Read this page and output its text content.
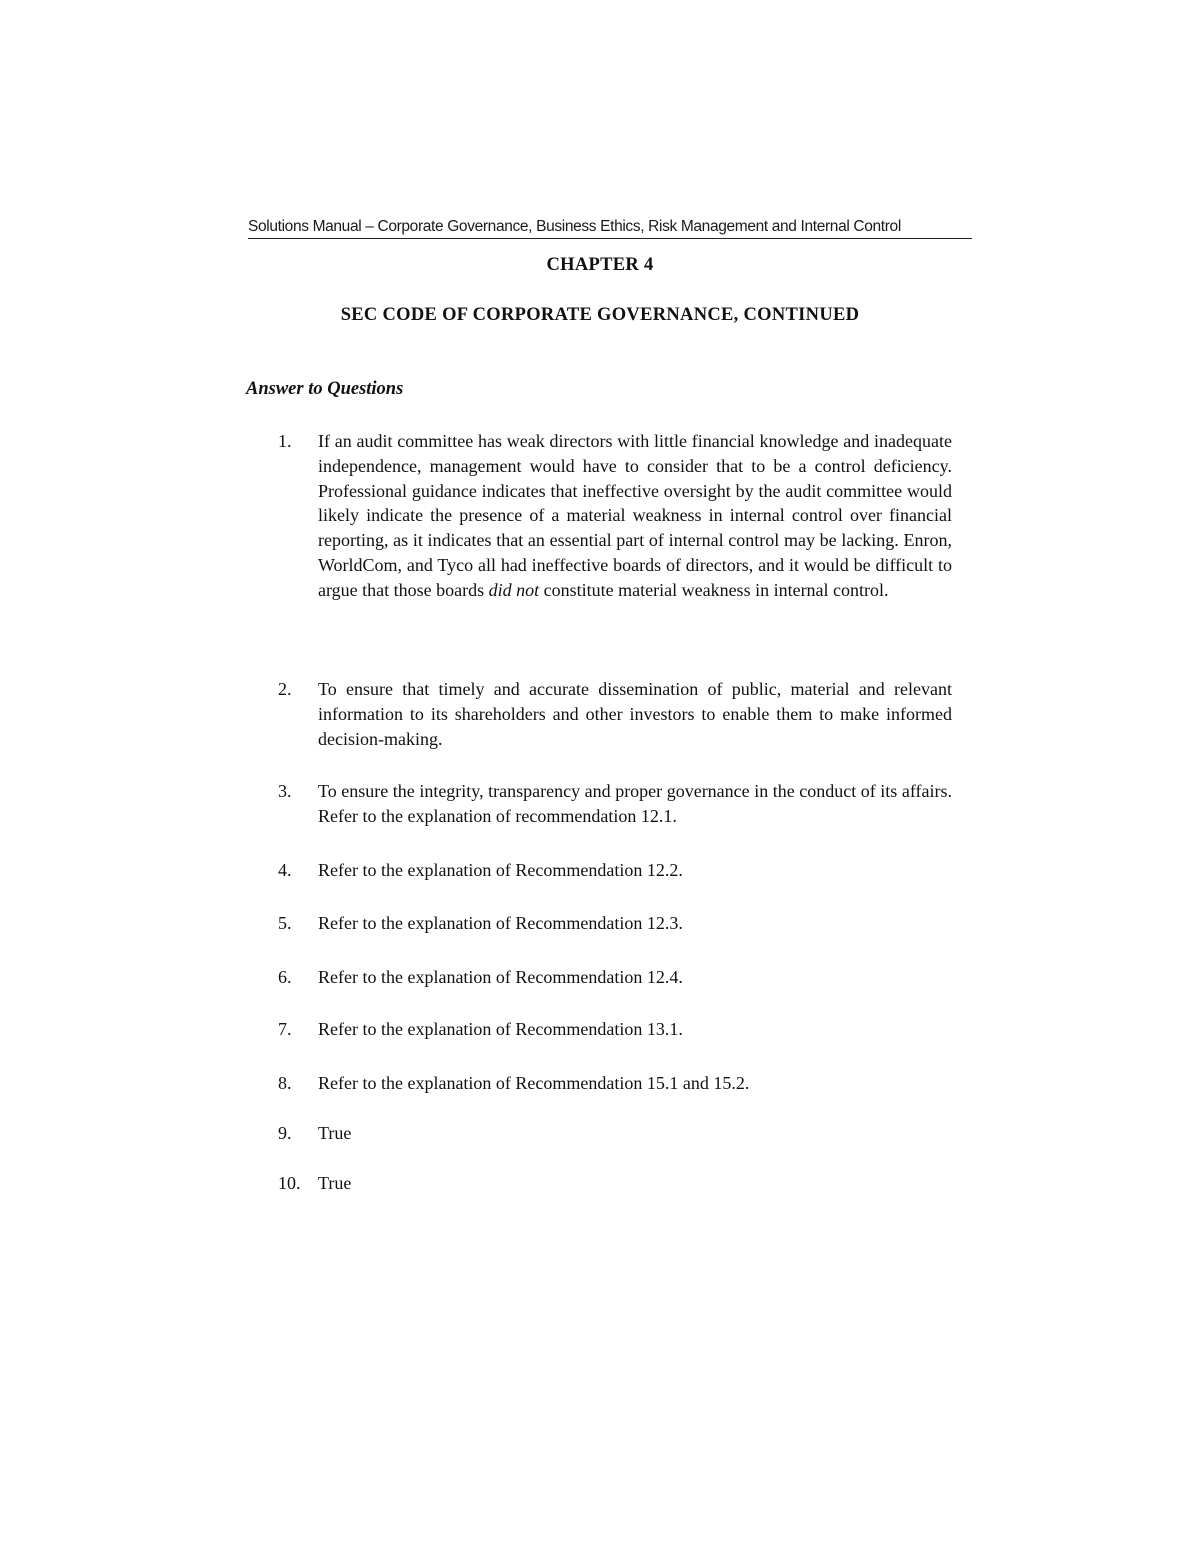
Solutions Manual – Corporate Governance, Business Ethics, Risk Management and Internal Control
CHAPTER 4
SEC CODE OF CORPORATE GOVERNANCE, CONTINUED
Answer to Questions
1.	If an audit committee has weak directors with little financial knowledge and inadequate independence, management would have to consider that to be a control deficiency. Professional guidance indicates that ineffective oversight by the audit committee would likely indicate the presence of a material weakness in internal control over financial reporting, as it indicates that an essential part of internal control may be lacking. Enron, WorldCom, and Tyco all had ineffective boards of directors, and it would be difficult to argue that those boards did not constitute material weakness in internal control.
2.	To ensure that timely and accurate dissemination of public, material and relevant information to its shareholders and other investors to enable them to make informed decision-making.
3.	To ensure the integrity, transparency and proper governance in the conduct of its affairs. Refer to the explanation of recommendation 12.1.
4.	Refer to the explanation of Recommendation 12.2.
5.	Refer to the explanation of Recommendation 12.3.
6.	Refer to the explanation of Recommendation 12.4.
7.	Refer to the explanation of Recommendation 13.1.
8.	Refer to the explanation of Recommendation 15.1 and 15.2.
9.	True
10. True
